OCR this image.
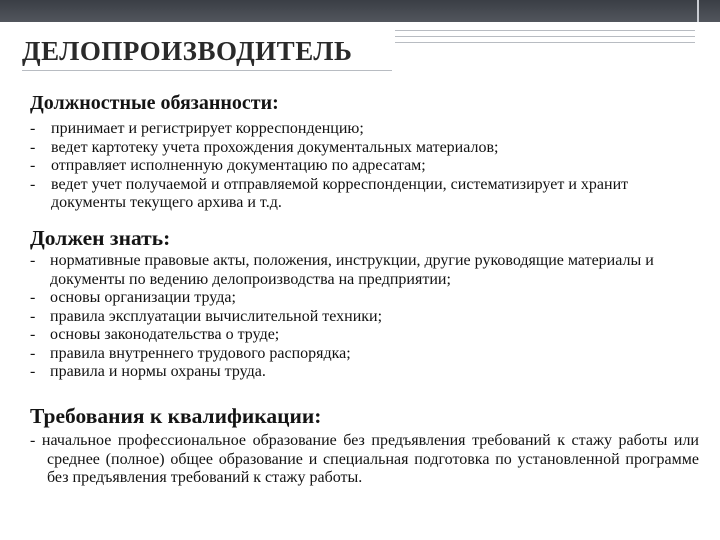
ДЕЛОПРОИЗВОДИТЕЛЬ
Должностные обязанности:
- принимает и регистрирует корреспонденцию;
- ведет картотеку учета прохождения документальных материалов;
- отправляет исполненную документацию по адресатам;
- ведет учет получаемой и отправляемой корреспонденции, систематизирует и хранит документы текущего архива и т.д.
Должен знать:
- нормативные правовые акты, положения, инструкции, другие руководящие материалы и документы по ведению делопроизводства на предприятии;
- основы организации труда;
- правила эксплуатации вычислительной техники;
- основы законодательства о труде;
- правила внутреннего трудового распорядка;
- правила и нормы охраны труда.
Требования к квалификации:

- начальное профессиональное образование без предъявления требований к стажу работы или среднее (полное) общее образование и специальная подготовка по установленной программе без предъявления требований к стажу работы.
